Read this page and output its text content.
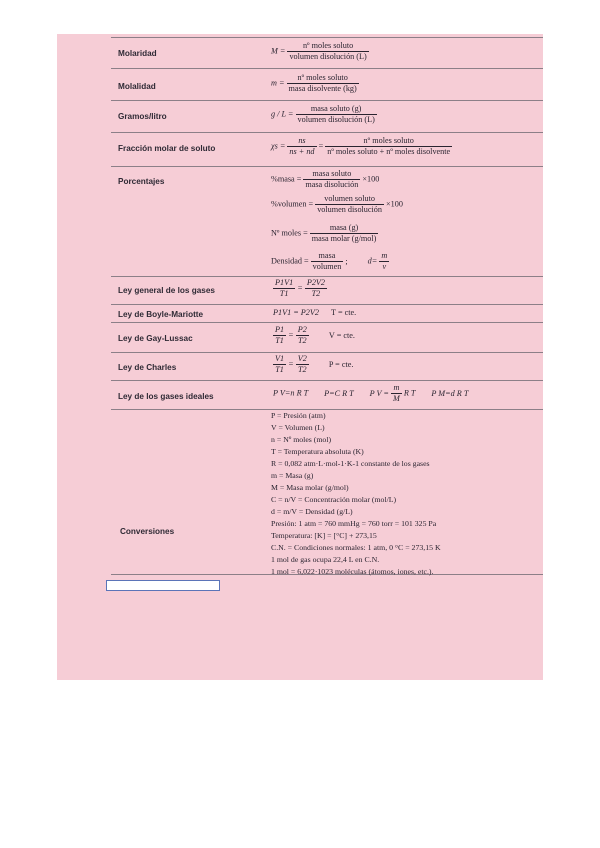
Molaridad
Molalidad
Gramos/litro
Fracción molar de soluto
Porcentajes
Ley general de los gases
Ley de Boyle-Mariotte
Ley de Gay-Lussac
Ley de Charles
Ley de los gases ideales
Conversiones
$M = \frac{\text{nº moles soluto}}{\text{volumen disolución (L)}}$
$m = \frac{\text{nº moles soluto}}{\text{masa disolvente (kg)}}$
$g / L = \frac{\text{masa soluto (g)}}{\text{volumen disolución (L)}}$
$\chi s = \frac{ns}{ns + nd} = \frac{\text{nº moles soluto}}{\text{nº moles soluto + nº moles disolvente}}$
%masa = $\frac{\text{masa soluto}}{\text{masa disolución}} \times 100$
%volumen = $\frac{\text{volumen soluto}}{\text{volumen disolución}} \times 100$
Nº moles = $\frac{\text{masa (g)}}{\text{masa molar (g/mol)}}$
Densidad = $\frac{\text{masa}}{\text{volumen}}$ ; $d= \frac{m}{v}$
$\frac{P1V1}{T1} = \frac{P2V2}{T2}$
P1V1 = P2V2 T = cte.
$\frac{P1}{T1} = \frac{P2}{T2}$ V = cte.
$\frac{V1}{T1} = \frac{V2}{T2}$ P = cte.
P V=n R T P=C R T P $V = \frac{m}{M}$ R T P M=d R T
P = Presión (atm)
V = Volumen (L)
n = Nº moles (mol)
T = Temperatura absoluta (K)
R = 0,082 atm·L·mol-1·K-1 constante de los gases
m = Masa (g)
M = Masa molar (g/mol)
C = n/V = Concentración molar (mol/L)
d = m/V = Densidad (g/L)
Presión: 1 atm = 760 mmHg = 760 torr = 101 325 Pa
Temperatura: [K] = [°C] + 273,15
C.N. = Condiciones normales: 1 atm, 0 °C = 273,15 K
1 mol de gas ocupa 22,4 L en C.N.
1 mol = 6,022·1023 moléculas (átomos, iones, etc.).
